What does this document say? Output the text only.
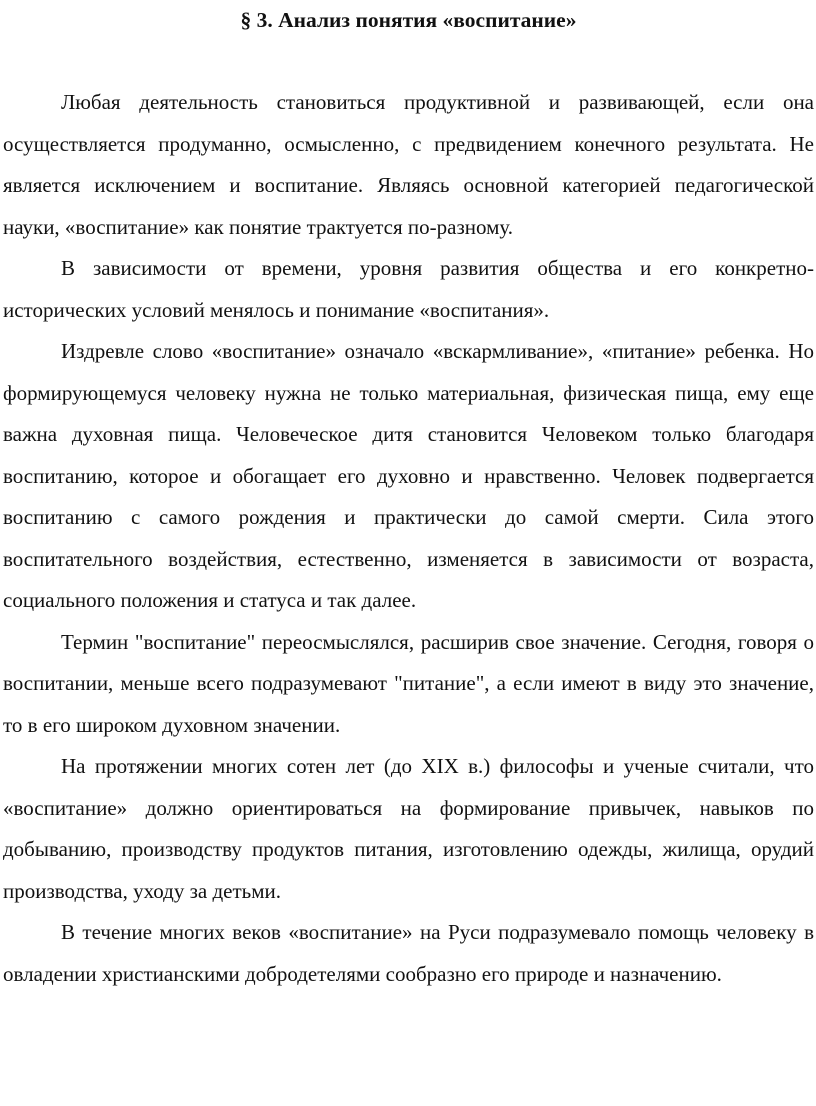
§ 3. Анализ понятия «воспитание»

Любая деятельность становиться продуктивной и развивающей, если она осуществляется продуманно, осмысленно, с предвидением конечного результата. Не является исключением и воспитание. Являясь основной категорией педагогической науки, «воспитание» как понятие трактуется по-разному.

В зависимости от времени, уровня развития общества и его конкретно-исторических условий менялось и понимание «воспитания».

Издревле слово «воспитание» означало «вскармливание», «питание» ребенка. Но формирующемуся человеку нужна не только материальная, физическая пища, ему еще важна духовная пища. Человеческое дитя становится Человеком только благодаря воспитанию, которое и обогащает его духовно и нравственно. Человек подвергается воспитанию с самого рождения и практически до самой смерти. Сила этого воспитательного воздействия, естественно, изменяется в зависимости от возраста, социального положения и статуса и так далее.

Термин "воспитание" переосмыслялся, расширив свое значение. Сегодня, говоря о воспитании, меньше всего подразумевают "питание", а если имеют в виду это значение, то в его широком духовном значении.

На протяжении многих сотен лет (до XIX в.) философы и ученые считали, что «воспитание» должно ориентироваться на формирование привычек, навыков по добыванию, производству продуктов питания, изготовлению одежды, жилища, орудий производства, уходу за детьми.

В течение многих веков «воспитание» на Руси подразумевало помощь человеку в овладении христианскими добродетелями сообразно его природе и назначению.
